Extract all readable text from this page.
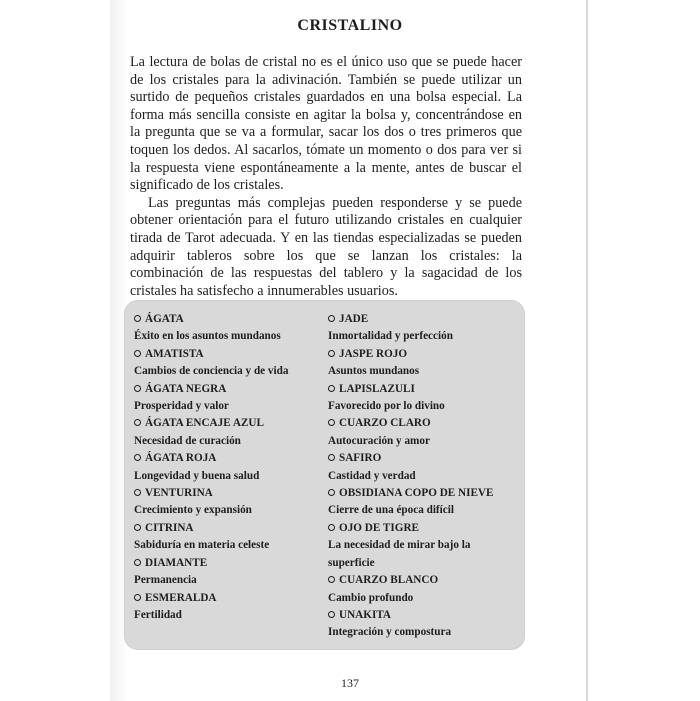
CRISTALINO

La lectura de bolas de cristal no es el único uso que se puede hacer de los cristales para la adivinación. También se puede utilizar un surtido de pequeños cristales guardados en una bolsa especial. La forma más sencilla consiste en agitar la bolsa y, concentrándose en la pregunta que se va a formular, sacar los dos o tres primeros que toquen los dedos. Al sacarlos, tómate un momento o dos para ver si la respuesta viene espontáneamente a la mente, antes de buscar el significado de los cristales.

Las preguntas más complejas pueden responderse y se puede obtener orientación para el futuro utilizando cristales en cualquier tirada de Tarot adecuada. Y en las tiendas especializadas se pueden adquirir tableros sobre los que se lanzan los cristales: la combinación de las respuestas del tablero y la sagacidad de los cristales ha satisfecho a innumerables usuarios.

ÁGATA
Éxito en los asuntos mundanos
AMATISTA
Cambios de conciencia y de vida
ÁGATA NEGRA
Prosperidad y valor
ÁGATA ENCAJE AZUL
Necesidad de curación
ÁGATA ROJA
Longevidad y buena salud
VENTURINA
Crecimiento y expansión
CITRINA
Sabiduría en materia celeste
DIAMANTE
Permanencia
ESMERALDA
Fertilidad
JADE
Inmortalidad y perfección
JASPE ROJO
Asuntos mundanos
LAPISLAZULI
Favorecido por lo divino
CUARZO CLARO
Autocuración y amor
SAFIRO
Castidad y verdad
OBSIDIANA COPO DE NIEVE
Cierre de una época difícil
OJO DE TIGRE
La necesidad de mirar bajo la superficie
CUARZO BLANCO
Cambio profundo
UNAKITA
Integración y compostura
137
